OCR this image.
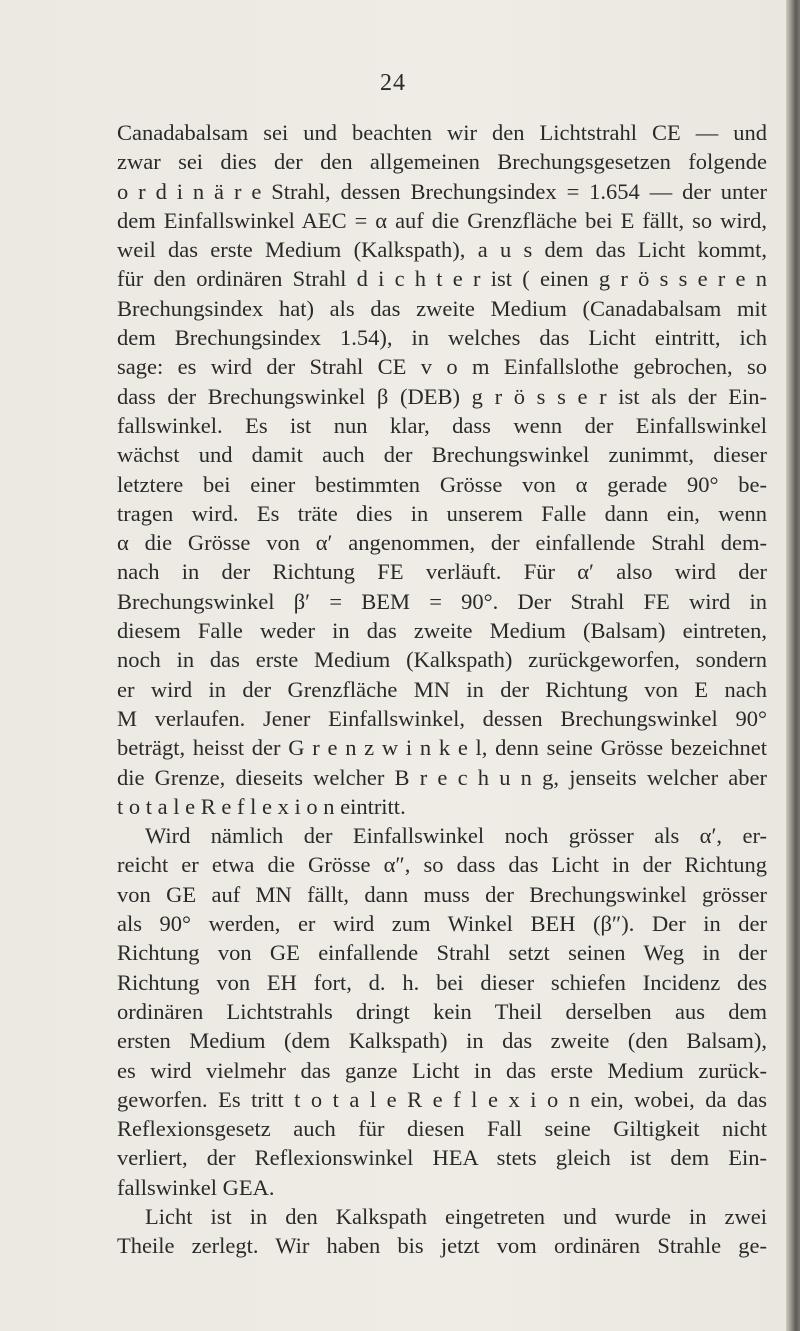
24
Canadabalsam sei und beachten wir den Lichtstrahl CE — und
zwar sei dies der den allgemeinen Brechungsgesetzen folgende
o r d i n ä r e Strahl, dessen Brechungsindex = 1.654 — der unter
dem Einfallswinkel AEC = α auf die Grenzfläche bei E fällt, so wird,
weil das erste Medium (Kalkspath), a u s dem das Licht kommt,
für den ordinären Strahl d i c h t e r ist ( einen g r ö s s e r e n
Brechungsindex hat) als das zweite Medium (Canadabalsam mit
dem Brechungsindex 1.54), in welches das Licht eintritt, ich
sage: es wird der Strahl CE v o m Einfallslothe gebrochen, so
dass der Brechungswinkel β (DEB) g r ö s s e r ist als der Ein-
fallswinkel. Es ist nun klar, dass wenn der Einfallswinkel
wächst und damit auch der Brechungswinkel zunimmt, dieser
letztere bei einer bestimmten Grösse von α gerade 90° be-
tragen wird. Es träte dies in unserem Falle dann ein, wenn
α die Grösse von α′ angenommen, der einfallende Strahl dem-
nach in der Richtung FE verläuft. Für α′ also wird der
Brechungswinkel β′ = BEM = 90°. Der Strahl FE wird in
diesem Falle weder in das zweite Medium (Balsam) eintreten,
noch in das erste Medium (Kalkspath) zurückgeworfen, sondern
er wird in der Grenzfläche MN in der Richtung von E nach
M verlaufen. Jener Einfallswinkel, dessen Brechungswinkel 90°
beträgt, heisst der G r e n z w i n k e l, denn seine Grösse bezeichnet
die Grenze, dieseits welcher B r e c h u n g, jenseits welcher aber
t o t a l e R e f l e x i o n eintritt.
Wird nämlich der Einfallswinkel noch grösser als α′, er-
reicht er etwa die Grösse α″, so dass das Licht in der Richtung
von GE auf MN fällt, dann muss der Brechungswinkel grösser
als 90° werden, er wird zum Winkel BEH (β″). Der in der
Richtung von GE einfallende Strahl setzt seinen Weg in der
Richtung von EH fort, d. h. bei dieser schiefen Incidenz des
ordinären Lichtstrahls dringt kein Theil derselben aus dem
ersten Medium (dem Kalkspath) in das zweite (den Balsam),
es wird vielmehr das ganze Licht in das erste Medium zurück-
geworfen. Es tritt t o t a l e R e f l e x i o n ein, wobei, da das
Reflexionsgesetz auch für diesen Fall seine Giltigkeit nicht
verliert, der Reflexionswinkel HEA stets gleich ist dem Ein-
fallswinkel GEA.
Licht ist in den Kalkspath eingetreten und wurde in zwei
Theile zerlegt. Wir haben bis jetzt vom ordinären Strahle ge-
